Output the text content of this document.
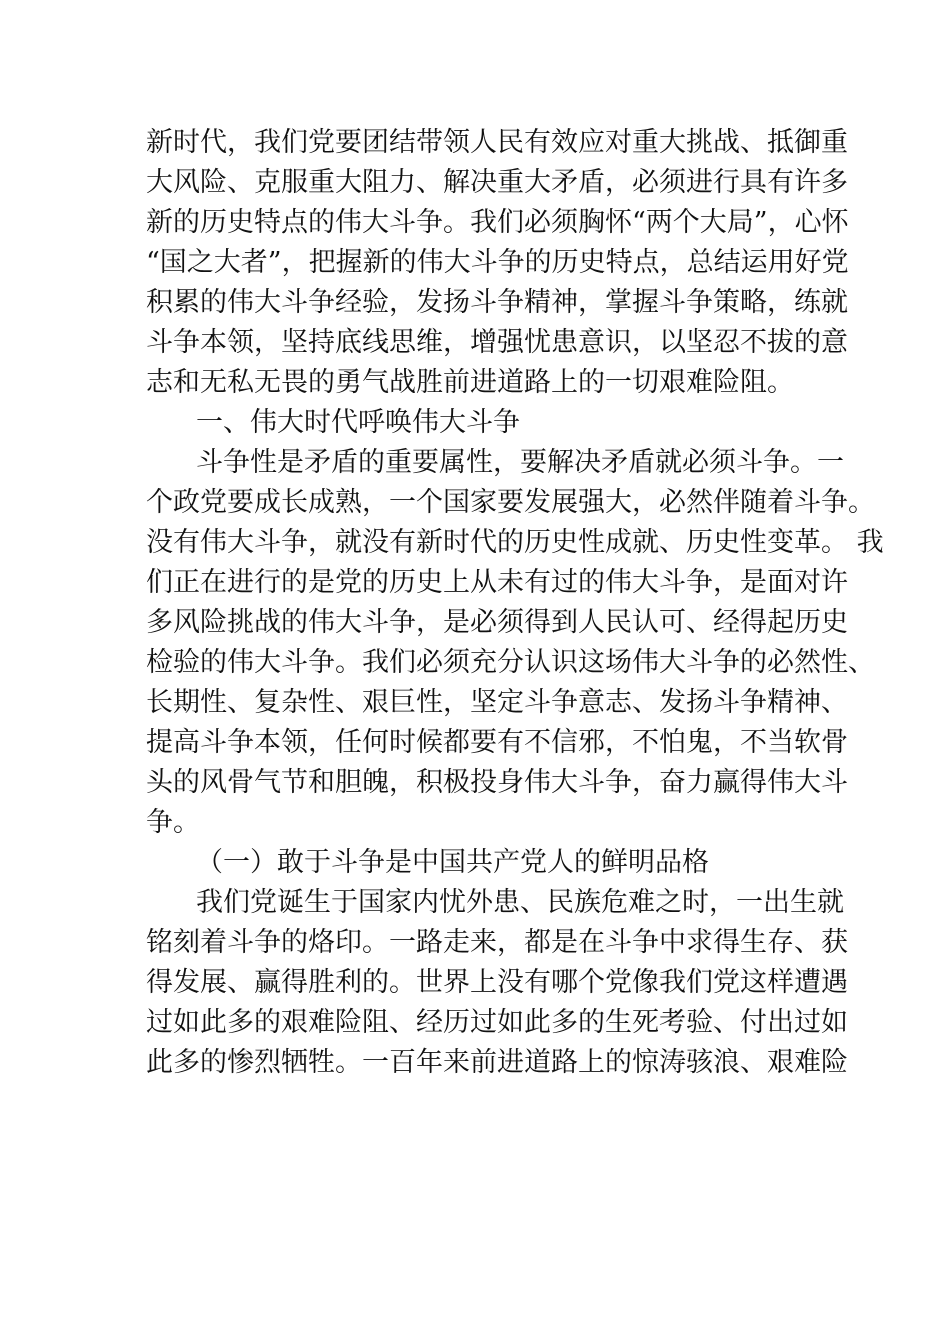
新时代，我们党要团结带领人民有效应对重大挑战、抵御重
大风险、克服重大阻力、解决重大矛盾，必须进行具有许多
新的历史特点的伟大斗争。我们必须胸怀“两个大局”，心怀
“国之大者”，把握新的伟大斗争的历史特点，总结运用好党
积累的伟大斗争经验，发扬斗争精神，掌握斗争策略，练就
斗争本领，坚持底线思维，增强忧患意识，以坚忍不拔的意
志和无私无畏的勇气战胜前进道路上的一切艰难险阻。
一、伟大时代呼唤伟大斗争
斗争性是矛盾的重要属性，要解决矛盾就必须斗争。一
个政党要成长成熟，一个国家要发展强大，必然伴随着斗争。
没有伟大斗争，就没有新时代的历史性成就、历史性变革。 我
们正在进行的是党的历史上从未有过的伟大斗争，是面对许
多风险挑战的伟大斗争，是必须得到人民认可、经得起历史
检验的伟大斗争。我们必须充分认识这场伟大斗争的必然性、
长期性、复杂性、艰巨性，坚定斗争意志、发扬斗争精神、
提高斗争本领，任何时候都要有不信邪，不怕鬼，不当软骨
头的风骨气节和胆魄，积极投身伟大斗争，奋力赢得伟大斗
争。
（一）敢于斗争是中国共产党人的鲜明品格
我们党诞生于国家内忧外患、民族危难之时，一出生就
铭刻着斗争的烙印。一路走来，都是在斗争中求得生存、获
得发展、赢得胜利的。世界上没有哪个党像我们党这样遭遇
过如此多的艰难险阻、经历过如此多的生死考验、付出过如
此多的惨烈牺牲。一百年来前进道路上的惊涛骇浪、艰难险
